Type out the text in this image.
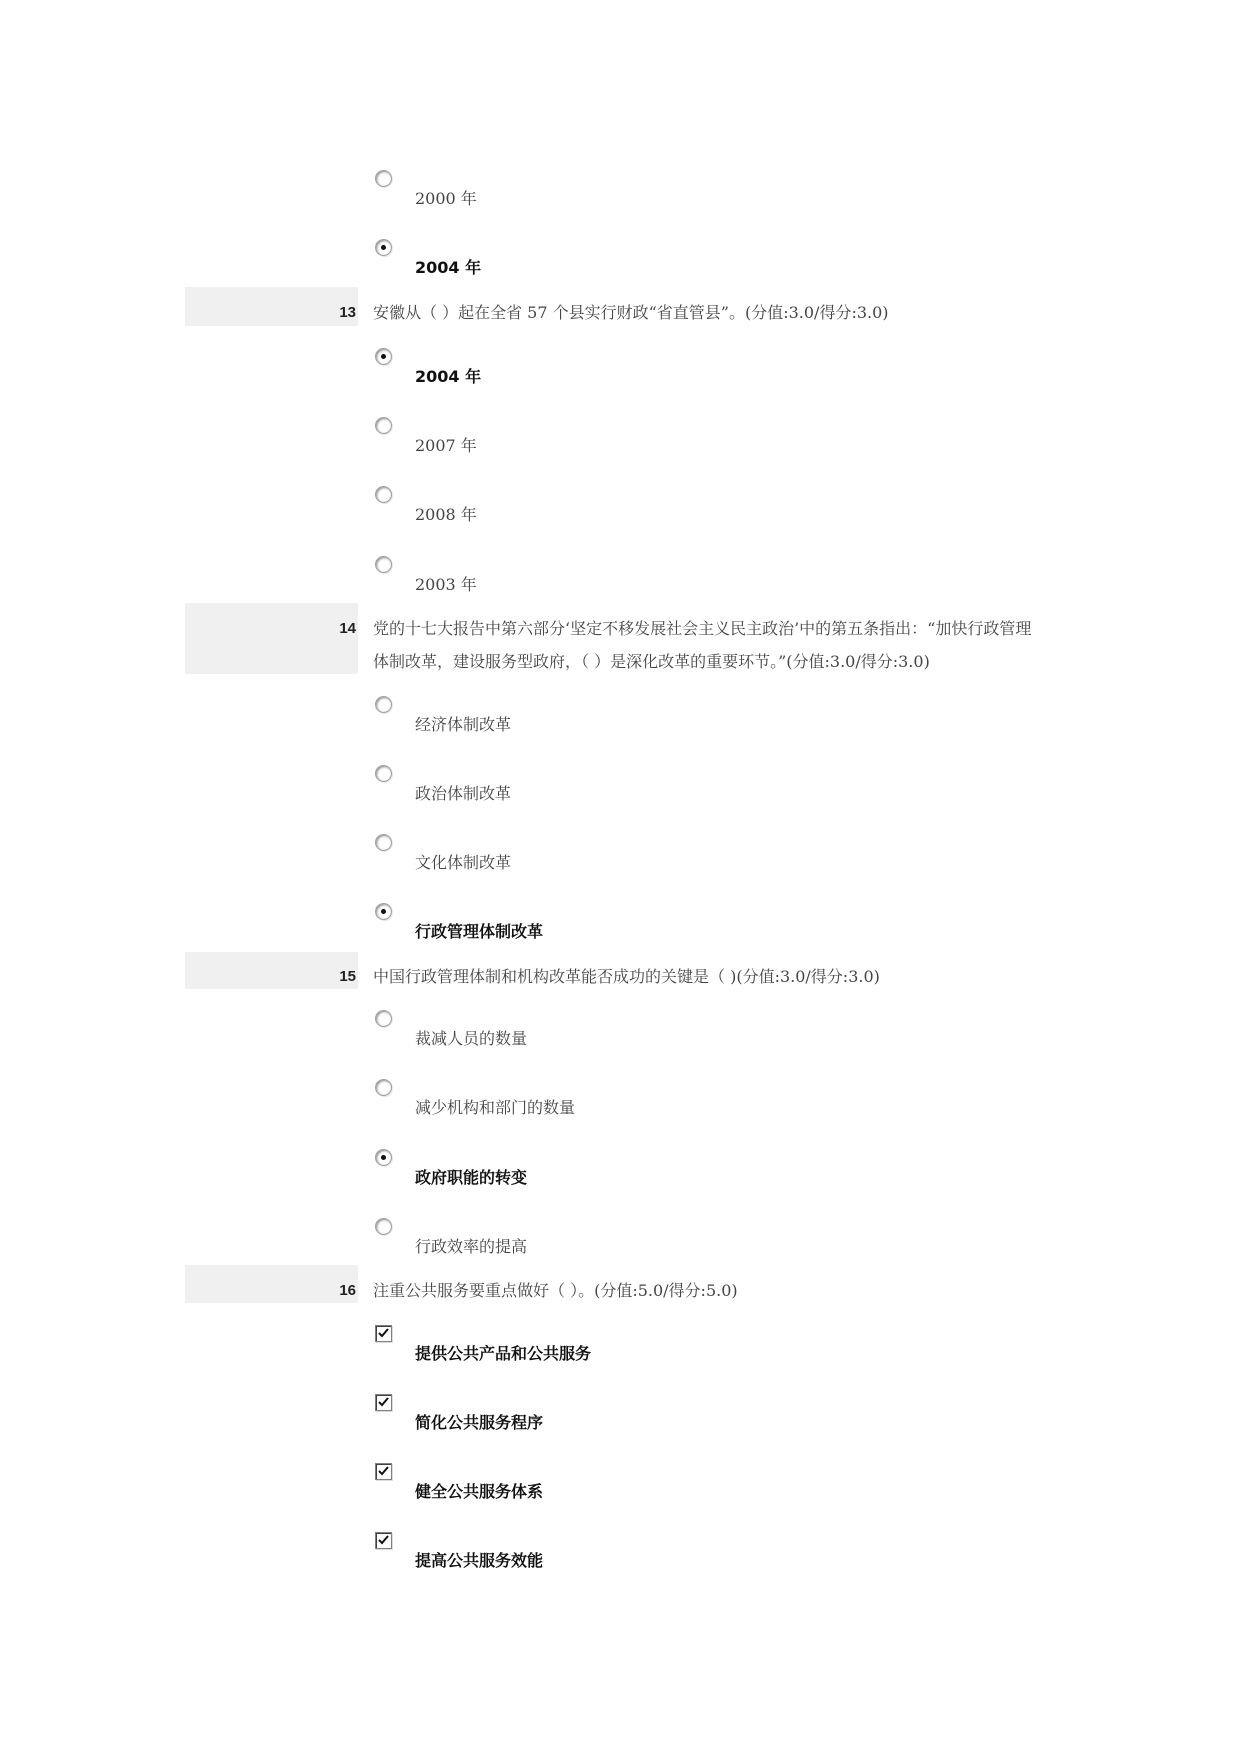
2000 年
2004 年
13 安徽从（ ）起在全省 57 个县实行财政“省直管县”。(分值:3.0/得分:3.0)
2004 年
2007 年
2008 年
2003 年
14 党的十七大报告中第六部分‘坚定不移发展社会主义民主政治’中的第五条指出：“加快行政管理
体制改革，建设服务型政府，（ ）是深化改革的重要环节。”(分值:3.0/得分:3.0)
经济体制改革
政治体制改革
文化体制改革
行政管理体制改革
15 中国行政管理体制和机构改革能否成功的关键是（ )(分值:3.0/得分:3.0)
裁减人员的数量
减少机构和部门的数量
政府职能的转变
行政效率的提高
16 注重公共服务要重点做好（ ）。(分值:5.0/得分:5.0)
提供公共产品和公共服务
简化公共服务程序
健全公共服务体系
提高公共服务效能
